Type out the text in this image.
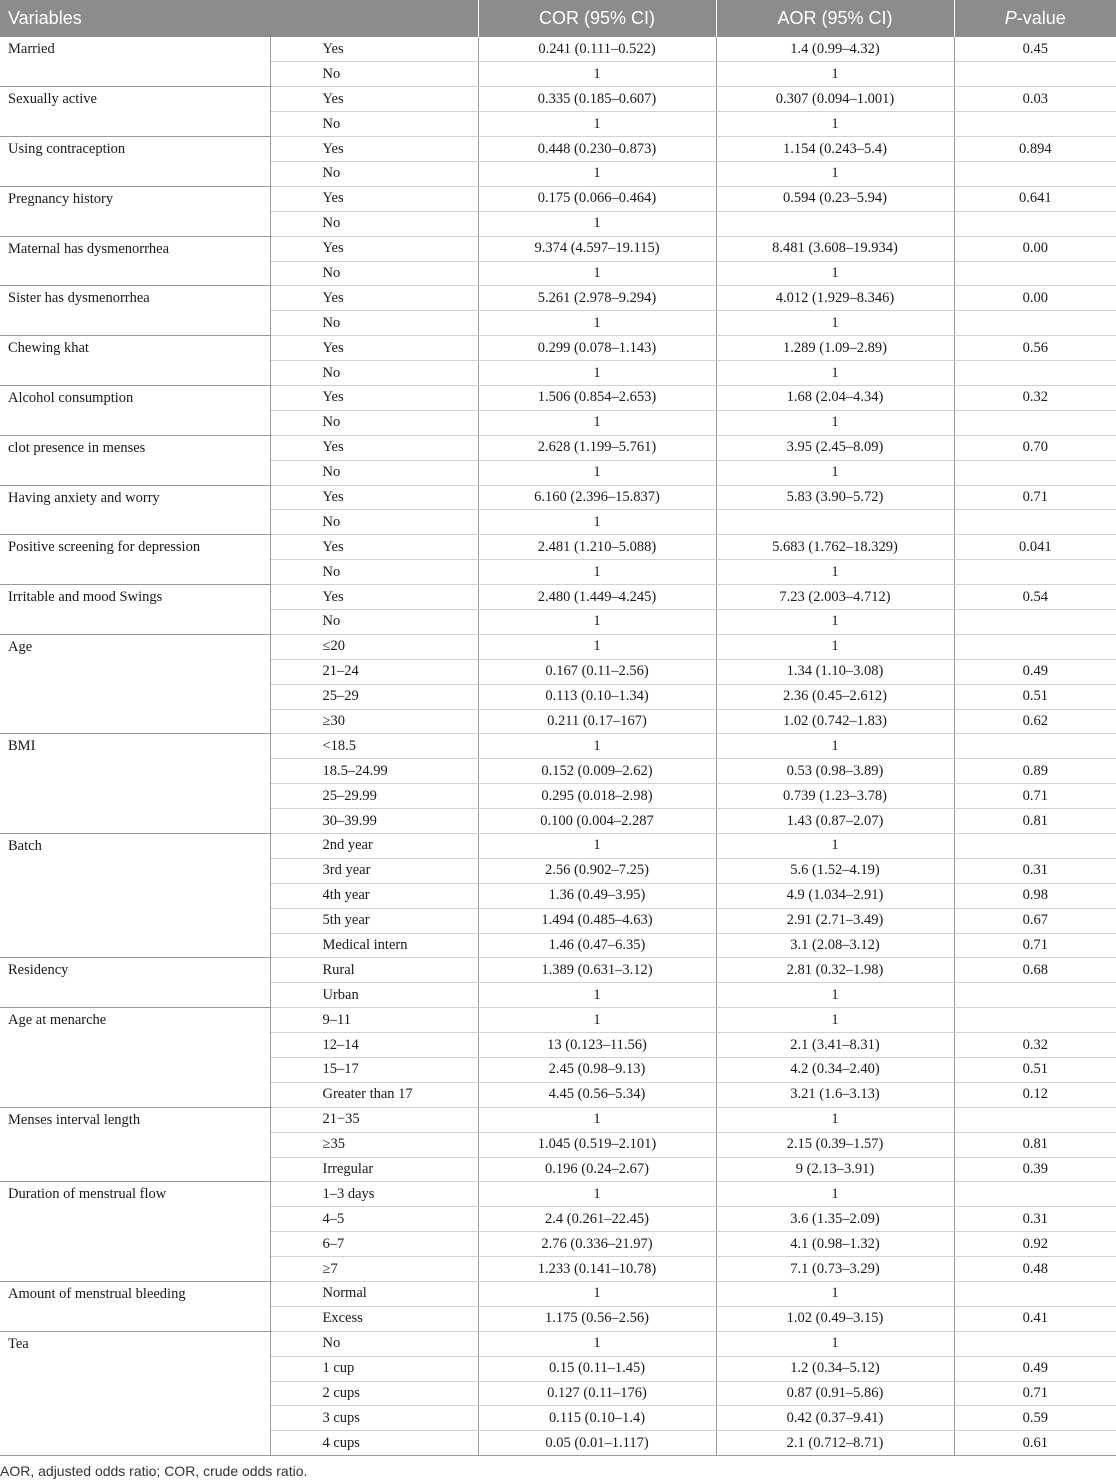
Variables		COR (95% CI)	AOR (95% CI)	P-value
Married	Yes	0.241 (0.111–0.522)	1.4 (0.99–4.32)	0.45
	No	1	1	
Sexually active	Yes	0.335 (0.185–0.607)	0.307 (0.094–1.001)	0.03
	No	1	1	
Using contraception	Yes	0.448 (0.230–0.873)	1.154 (0.243–5.4)	0.894
	No	1	1	
Pregnancy history	Yes	0.175 (0.066–0.464)	0.594 (0.23–5.94)	0.641
	No	1		
Maternal has dysmenorrhea	Yes	9.374 (4.597–19.115)	8.481 (3.608–19.934)	0.00
	No	1	1	
Sister has dysmenorrhea	Yes	5.261 (2.978–9.294)	4.012 (1.929–8.346)	0.00
	No	1	1	
Chewing khat	Yes	0.299 (0.078–1.143)	1.289 (1.09–2.89)	0.56
	No	1	1	
Alcohol consumption	Yes	1.506 (0.854–2.653)	1.68 (2.04–4.34)	0.32
	No	1	1	
clot presence in menses	Yes	2.628 (1.199–5.761)	3.95 (2.45–8.09)	0.70
	No	1	1	
Having anxiety and worry	Yes	6.160 (2.396–15.837)	5.83 (3.90–5.72)	0.71
	No	1		
Positive screening for depression	Yes	2.481 (1.210–5.088)	5.683 (1.762–18.329)	0.041
	No	1	1	
Irritable and mood Swings	Yes	2.480 (1.449–4.245)	7.23 (2.003–4.712)	0.54
	No	1	1	
Age	≤20	1	1	
	21–24	0.167 (0.11–2.56)	1.34 (1.10–3.08)	0.49
	25–29	0.113 (0.10–1.34)	2.36 (0.45–2.612)	0.51
	≥30	0.211 (0.17–167)	1.02 (0.742–1.83)	0.62
BMI	<18.5	1	1	
	18.5–24.99	0.152 (0.009–2.62)	0.53 (0.98–3.89)	0.89
	25–29.99	0.295 (0.018–2.98)	0.739 (1.23–3.78)	0.71
	30–39.99	0.100 (0.004–2.287	1.43 (0.87–2.07)	0.81
Batch	2nd year	1	1	
	3rd year	2.56 (0.902–7.25)	5.6 (1.52–4.19)	0.31
	4th year	1.36 (0.49–3.95)	4.9 (1.034–2.91)	0.98
	5th year	1.494 (0.485–4.63)	2.91 (2.71–3.49)	0.67
	Medical intern	1.46 (0.47–6.35)	3.1 (2.08–3.12)	0.71
Residency	Rural	1.389 (0.631–3.12)	2.81 (0.32–1.98)	0.68
	Urban	1	1	
Age at menarche	9–11	1	1	
	12–14	13 (0.123–11.56)	2.1 (3.41–8.31)	0.32
	15–17	2.45 (0.98–9.13)	4.2 (0.34–2.40)	0.51
	Greater than 17	4.45 (0.56–5.34)	3.21 (1.6–3.13)	0.12
Menses interval length	21−35	1	1	
	≥35	1.045 (0.519–2.101)	2.15 (0.39–1.57)	0.81
	Irregular	0.196 (0.24–2.67)	9 (2.13–3.91)	0.39
Duration of menstrual flow	1–3 days	1	1	
	4–5	2.4 (0.261–22.45)	3.6 (1.35–2.09)	0.31
	6–7	2.76 (0.336–21.97)	4.1 (0.98–1.32)	0.92
	≥7	1.233 (0.141–10.78)	7.1 (0.73–3.29)	0.48
Amount of menstrual bleeding	Normal	1	1	
	Excess	1.175 (0.56–2.56)	1.02 (0.49–3.15)	0.41
Tea	No	1	1	
	1 cup	0.15 (0.11–1.45)	1.2 (0.34–5.12)	0.49
	2 cups	0.127 (0.11–176)	0.87 (0.91–5.86)	0.71
	3 cups	0.115 (0.10–1.4)	0.42 (0.37–9.41)	0.59
	4 cups	0.05 (0.01–1.117)	2.1 (0.712–8.71)	0.61
AOR, adjusted odds ratio; COR, crude odds ratio.
